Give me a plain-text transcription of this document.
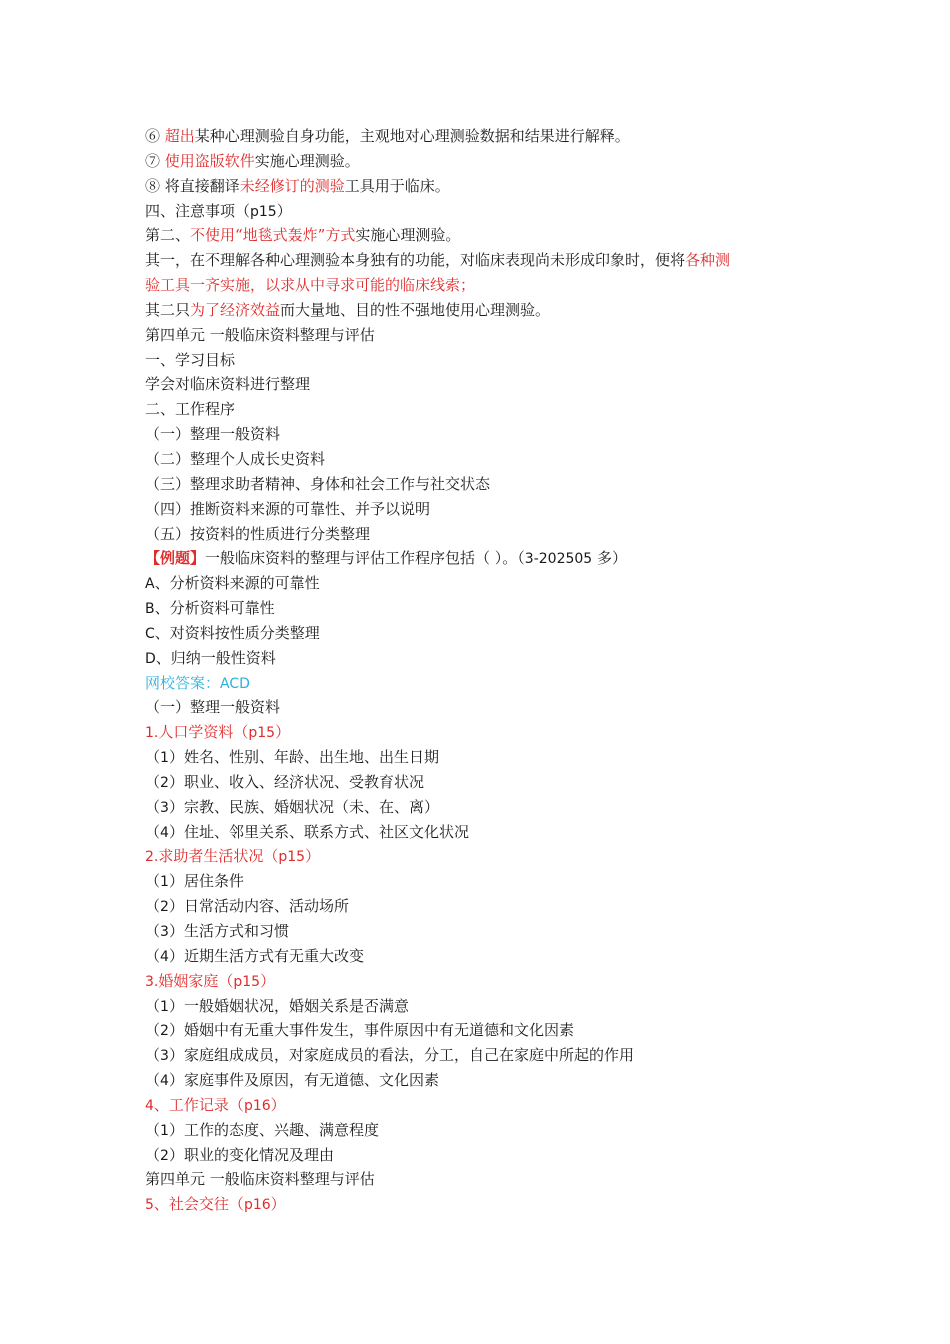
⑥ 超出某种心理测验自身功能，主观地对心理测验数据和结果进行解释。
⑦ 使用盗版软件实施心理测验。
⑧ 将直接翻译未经修订的测验工具用于临床。
四、注意事项（p15）
第二、不使用“地毯式轰炸”方式实施心理测验。
其一，在不理解各种心理测验本身独有的功能，对临床表现尚未形成印象时，便将各种测
验工具一齐实施，以求从中寻求可能的临床线索；
其二只为了经济效益而大量地、目的性不强地使用心理测验。
第四单元 一般临床资料整理与评估
一、学习目标
学会对临床资料进行整理
二、工作程序
（一）整理一般资料
（二）整理个人成长史资料
（三）整理求助者精神、身体和社会工作与社交状态
（四）推断资料来源的可靠性、并予以说明
（五）按资料的性质进行分类整理
【例题】一般临床资料的整理与评估工作程序包括（ ）。（3-202505 多）
A、分析资料来源的可靠性
B、分析资料可靠性
C、对资料按性质分类整理
D、归纳一般性资料
网校答案：ACD
（一）整理一般资料
1.人口学资料（p15）
（1）姓名、性别、年龄、出生地、出生日期
（2）职业、收入、经济状况、受教育状况
（3）宗教、民族、婚姻状况（未、在、离）
（4）住址、邻里关系、联系方式、社区文化状况
2.求助者生活状况（p15）
（1）居住条件
（2）日常活动内容、活动场所
（3）生活方式和习惯
（4）近期生活方式有无重大改变
3.婚姻家庭（p15）
（1）一般婚姻状况，婚姻关系是否满意
（2）婚姻中有无重大事件发生，事件原因中有无道德和文化因素
（3）家庭组成成员，对家庭成员的看法，分工，自己在家庭中所起的作用
（4）家庭事件及原因，有无道德、文化因素
4、工作记录（p16）
（1）工作的态度、兴趣、满意程度
（2）职业的变化情况及理由
第四单元 一般临床资料整理与评估
5、社会交往（p16）
